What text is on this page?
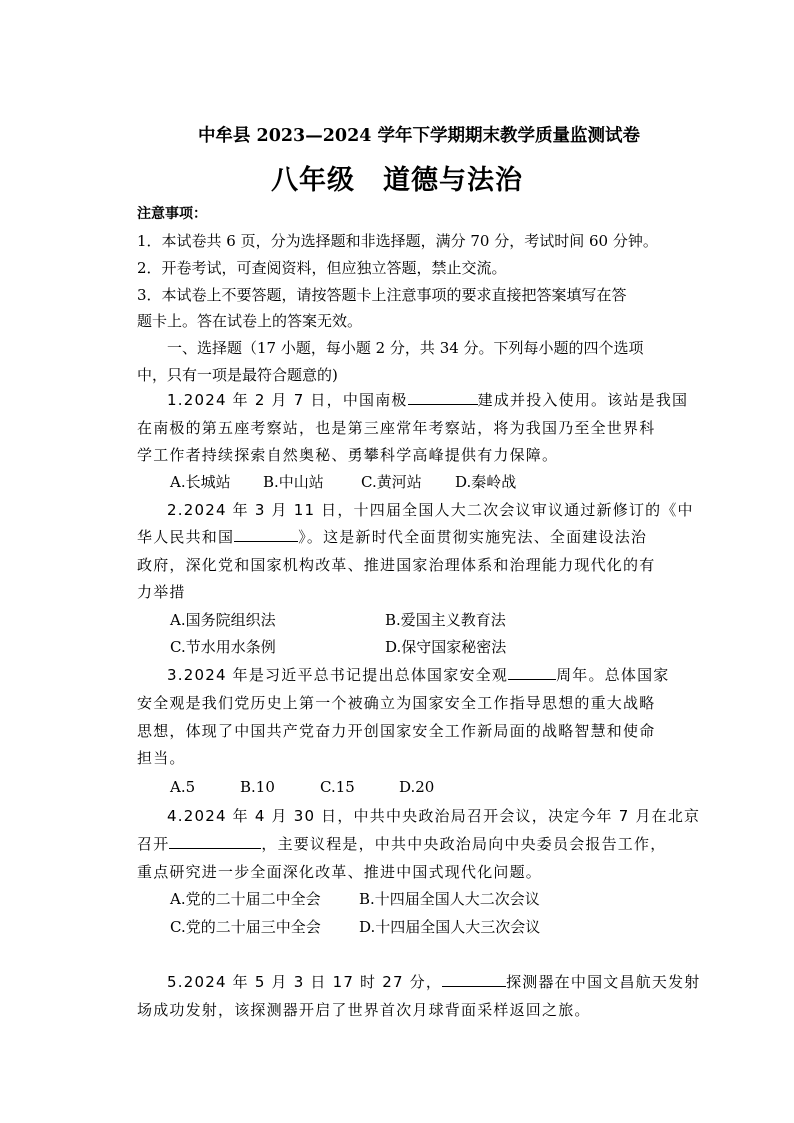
中牟县 2023—2024 学年下学期期末教学质量监测试卷
八年级　道德与法治
注意事项：
1．本试卷共 6 页，分为选择题和非选择题，满分 70 分，考试时间 60 分钟。
2．开卷考试，可查阅资料，但应独立答题，禁止交流。
3．本试卷上不要答题，请按答题卡上注意事项的要求直接把答案填写在答
题卡上。答在试卷上的答案无效。
一、选择题（17 小题，每小题 2 分，共 34 分。下列每小题的四个选项
中，只有一项是最符合题意的)
1.2024 年 2 月 7 日，中国南极	建成并投入使用。该站是我国
在南极的第五座考察站，也是第三座常年考察站，将为我国乃至全世界科
学工作者持续探索自然奥秘、勇攀科学高峰提供有力保障。
A.长城站 B.中山站 C.黄河站 D.秦岭战
2.2024 年 3 月 11 日，十四届全国人大二次会议审议通过新修订的《中
华人民共和国	》。这是新时代全面贯彻实施宪法、全面建设法治
政府，深化党和国家机构改革、推进国家治理体系和治理能力现代化的有
力举措
A.国务院组织法	B.爱国主义教育法
C.节水用水条例	D.保守国家秘密法
3.2024 年是习近平总书记提出总体国家安全观	周年。总体国家
安全观是我们党历史上第一个被确立为国家安全工作指导思想的重大战略
思想，体现了中国共产党奋力开创国家安全工作新局面的战略智慧和使命
担当。
A.5	B.10	C.15	D.20
4.2024 年 4 月 30 日，中共中央政治局召开会议，决定今年 7 月在北京
召开	，主要议程是，中共中央政治局向中央委员会报告工作，
重点研究进一步全面深化改革、推进中国式现代化问题。
A.党的二十届二中全会	B.十四届全国人大二次会议
C.党的二十届三中全会	D.十四届全国人大三次会议
5.2024 年 5 月 3 日 17 时 27 分，	探测器在中国文昌航天发射
场成功发射，该探测器开启了世界首次月球背面采样返回之旅。
